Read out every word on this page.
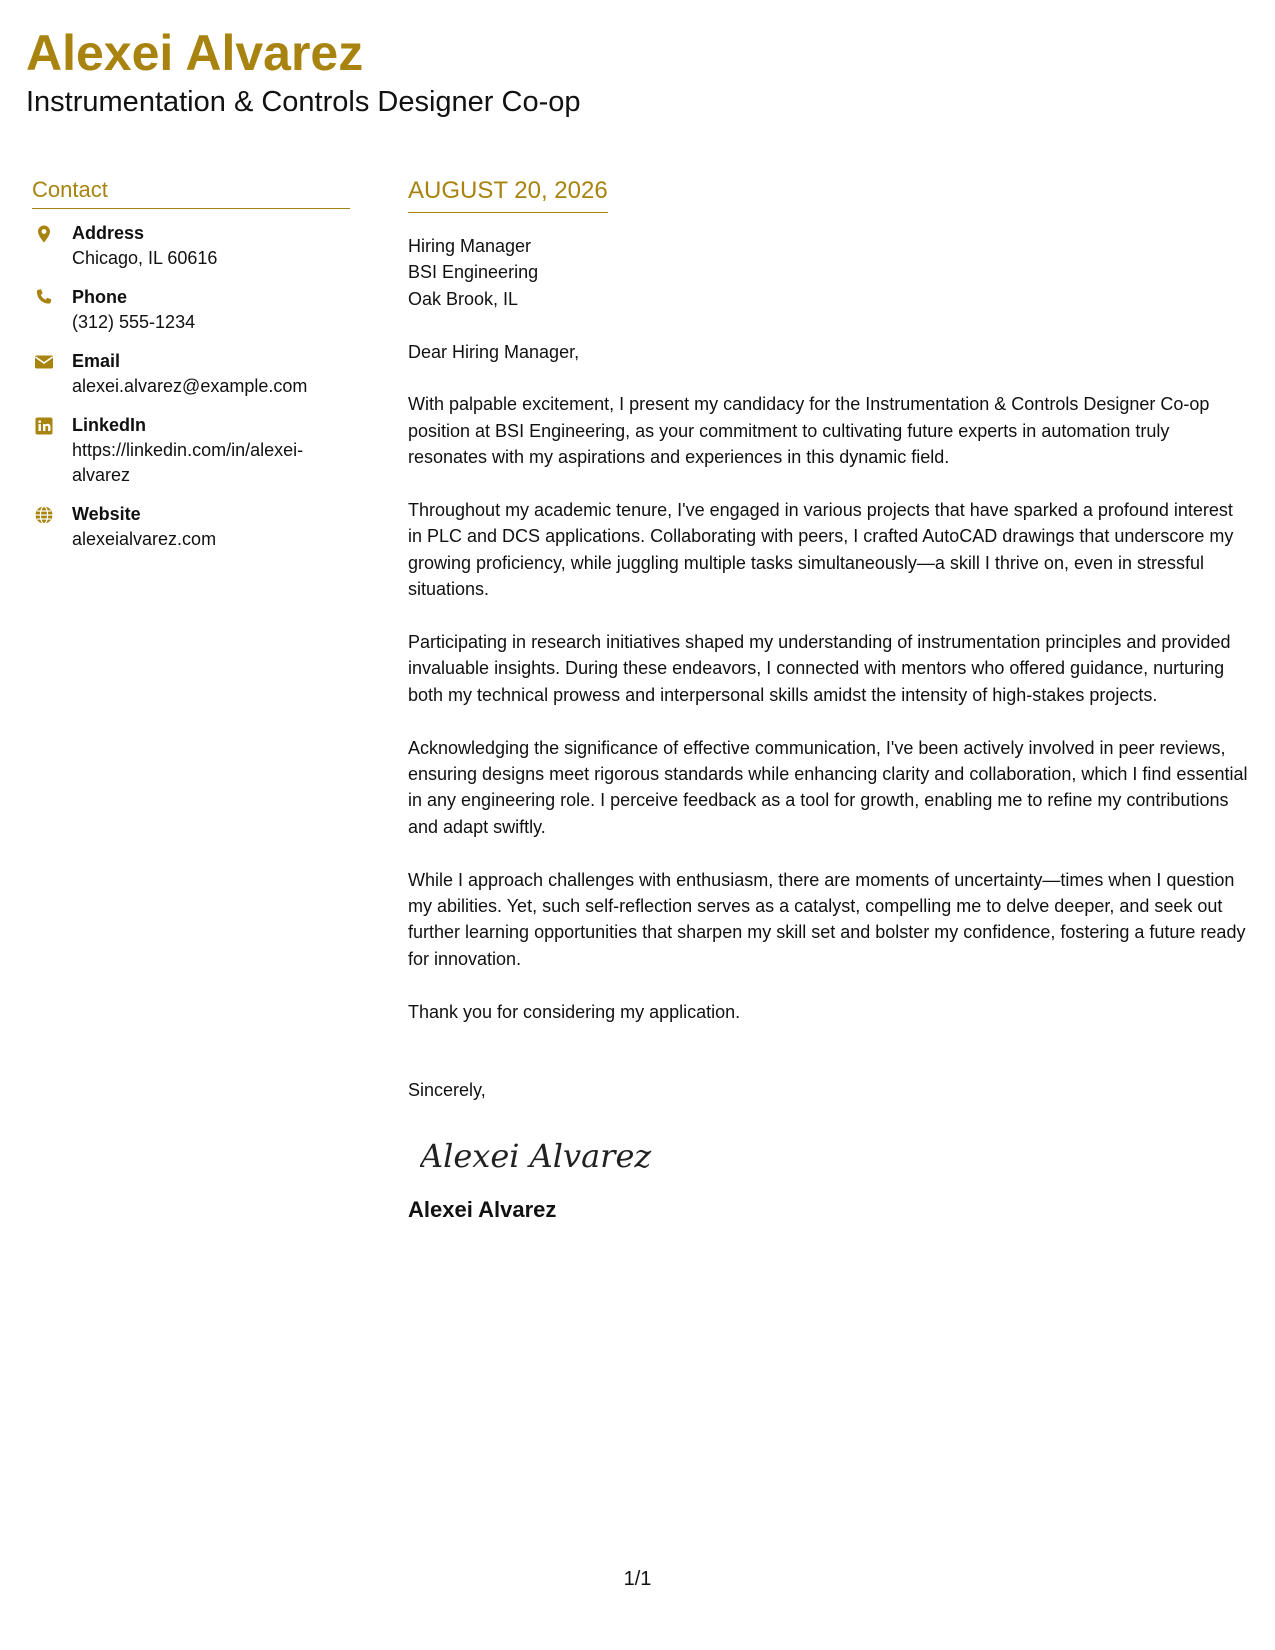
Alexei Alvarez
Instrumentation & Controls Designer Co-op
Contact
Address
Chicago, IL 60616
Phone
(312) 555-1234
Email
alexei.alvarez@example.com
LinkedIn
https://linkedin.com/in/alexei-alvarez
Website
alexeialvarez.com
AUGUST 20, 2026
Hiring Manager
BSI Engineering
Oak Brook, IL

Dear Hiring Manager,

With palpable excitement, I present my candidacy for the Instrumentation & Controls Designer Co-op position at BSI Engineering, as your commitment to cultivating future experts in automation truly resonates with my aspirations and experiences in this dynamic field.

Throughout my academic tenure, I've engaged in various projects that have sparked a profound interest in PLC and DCS applications. Collaborating with peers, I crafted AutoCAD drawings that underscore my growing proficiency, while juggling multiple tasks simultaneously—a skill I thrive on, even in stressful situations.

Participating in research initiatives shaped my understanding of instrumentation principles and provided invaluable insights. During these endeavors, I connected with mentors who offered guidance, nurturing both my technical prowess and interpersonal skills amidst the intensity of high-stakes projects.

Acknowledging the significance of effective communication, I've been actively involved in peer reviews, ensuring designs meet rigorous standards while enhancing clarity and collaboration, which I find essential in any engineering role. I perceive feedback as a tool for growth, enabling me to refine my contributions and adapt swiftly.

While I approach challenges with enthusiasm, there are moments of uncertainty—times when I question my abilities. Yet, such self-reflection serves as a catalyst, compelling me to delve deeper, and seek out further learning opportunities that sharpen my skill set and bolster my confidence, fostering a future ready for innovation.

Thank you for considering my application.

Sincerely,
Alexei Alvarez
Alexei Alvarez
1/1
